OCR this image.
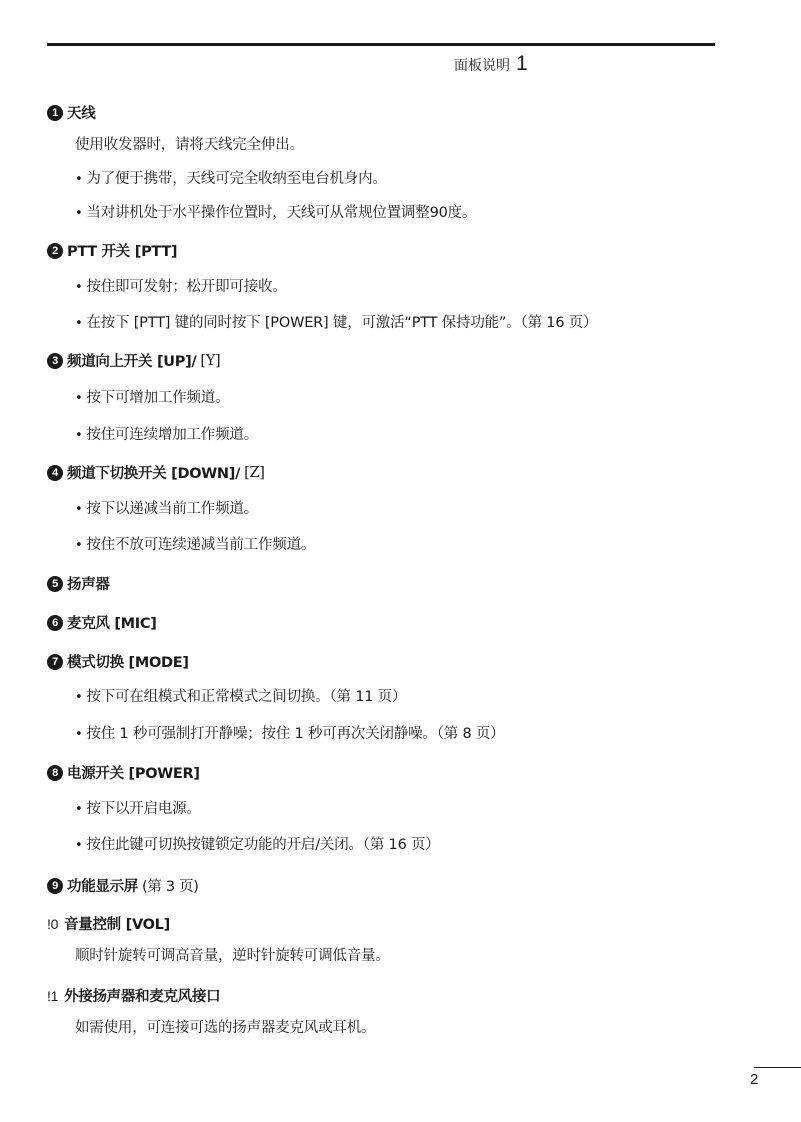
面板说明 1
1 天线
使用收发器时，请将天线完全伸出。
• 为了便于携带，天线可完全收纳至电台机身内。
• 当对讲机处于水平操作位置时，天线可从常规位置调整90度。
2 PTT 开关 [PTT]
• 按住即可发射；松开即可接收。
• 在按下 [PTT] 键的同时按下 [POWER] 键，可激活“PTT 保持功能”。（第 16 页）
3 频道向上开关 [UP]/ [Y]
• 按下可增加工作频道。
• 按住可连续增加工作频道。
4 频道下切换开关 [DOWN]/ [Z]
• 按下以递减当前工作频道。
• 按住不放可连续递减当前工作频道。
5 扬声器
6 麦克风 [MIC]
7 模式切换 [MODE]
• 按下可在组模式和正常模式之间切换。（第 11 页）
• 按住 1 秒可强制打开静噪；按住 1 秒可再次关闭静噪。（第 8 页）
8 电源开关 [POWER]
• 按下以开启电源。
• 按住此键可切换按键锁定功能的开启/关闭。（第 16 页）
9 功能显示屏 (第 3 页)
!0 音量控制 [VOL]
顺时针旋转可调高音量，逆时针旋转可调低音量。
!1 外接扬声器和麦克风接口
如需使用，可连接可选的扬声器麦克风或耳机。
2
